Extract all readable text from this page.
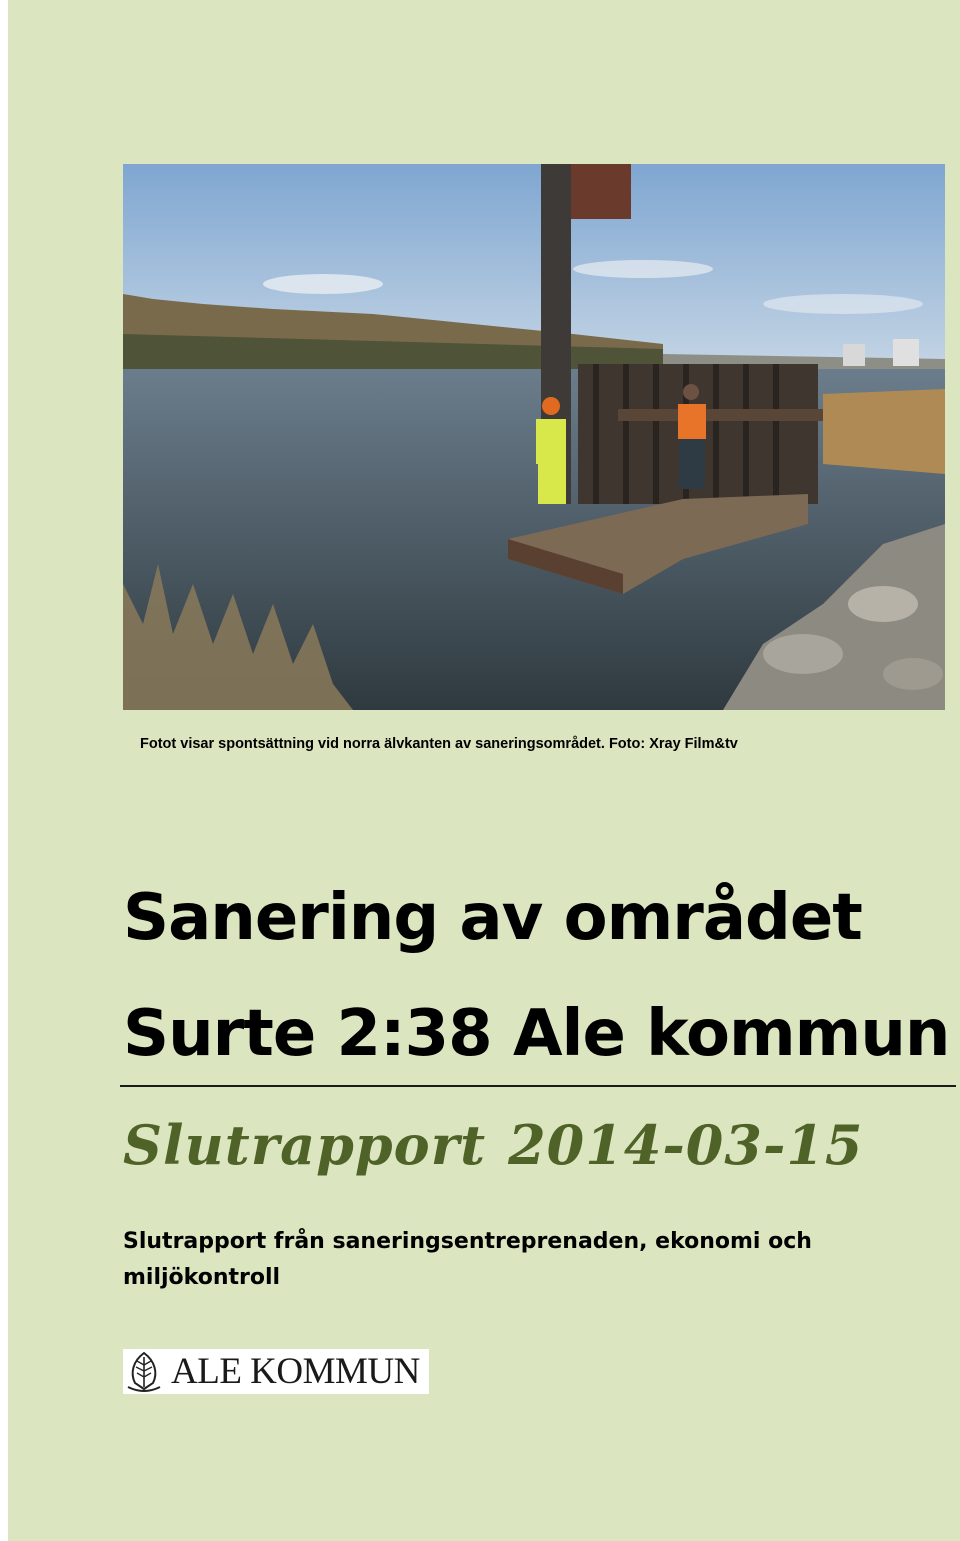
Fotot visar spontsättning vid norra älvkanten av saneringsområdet. Foto: Xray Film&tv
Sanering av området
Surte 2:38 Ale kommun
Slutrapport 2014-03-15
Slutrapport från saneringsentreprenaden, ekonomi och miljökontroll
ALE KOMMUN
